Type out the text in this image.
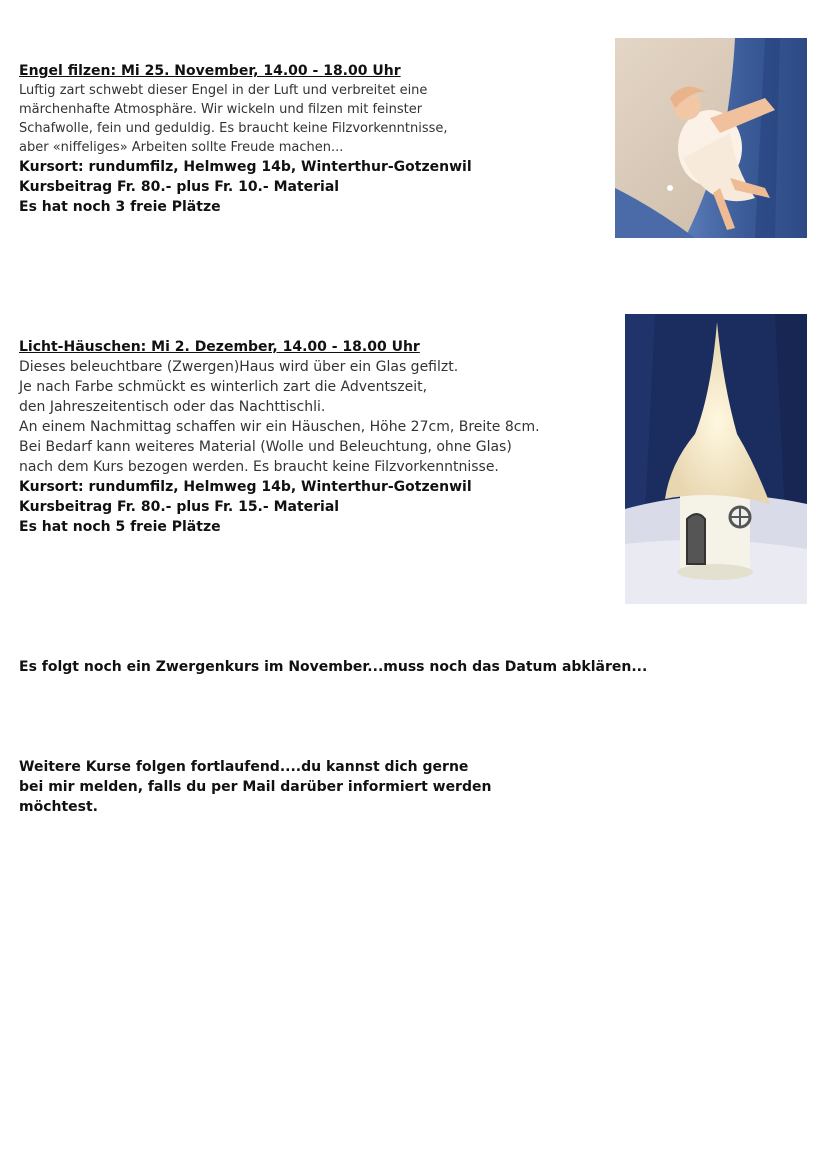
Engel filzen: Mi 25. November, 14.00 - 18.00 Uhr
Luftig zart schwebt dieser Engel in der Luft und verbreitet eine
märchenhafte Atmosphäre. Wir wickeln und filzen mit feinster
Schafwolle, fein und geduldig. Es braucht keine Filzvorkenntnisse,
aber «niffeliges» Arbeiten sollte Freude machen...
Kursort: rundumfilz, Helmweg 14b, Winterthur-Gotzenwil
Kursbeitrag Fr. 80.- plus Fr. 10.- Material
Es hat noch 3 freie Plätze
Licht-Häuschen: Mi 2. Dezember, 14.00 - 18.00 Uhr
Dieses beleuchtbare (Zwergen)Haus wird über ein Glas gefilzt.
Je nach Farbe schmückt es winterlich zart die Adventszeit,
den Jahreszeitentisch oder das Nachttischli.
An einem Nachmittag schaffen wir ein Häuschen, Höhe 27cm, Breite 8cm.
Bei Bedarf kann weiteres Material (Wolle und Beleuchtung, ohne Glas)
nach dem Kurs bezogen werden. Es braucht keine Filzvorkenntnisse.
Kursort: rundumfilz, Helmweg 14b, Winterthur-Gotzenwil
Kursbeitrag Fr. 80.- plus Fr. 15.- Material
Es hat noch 5 freie Plätze
Es folgt noch ein Zwergenkurs im November...muss noch das Datum abklären...
Weitere Kurse folgen fortlaufend....du kannst dich gerne
bei mir melden, falls du per Mail darüber informiert werden
möchtest.
